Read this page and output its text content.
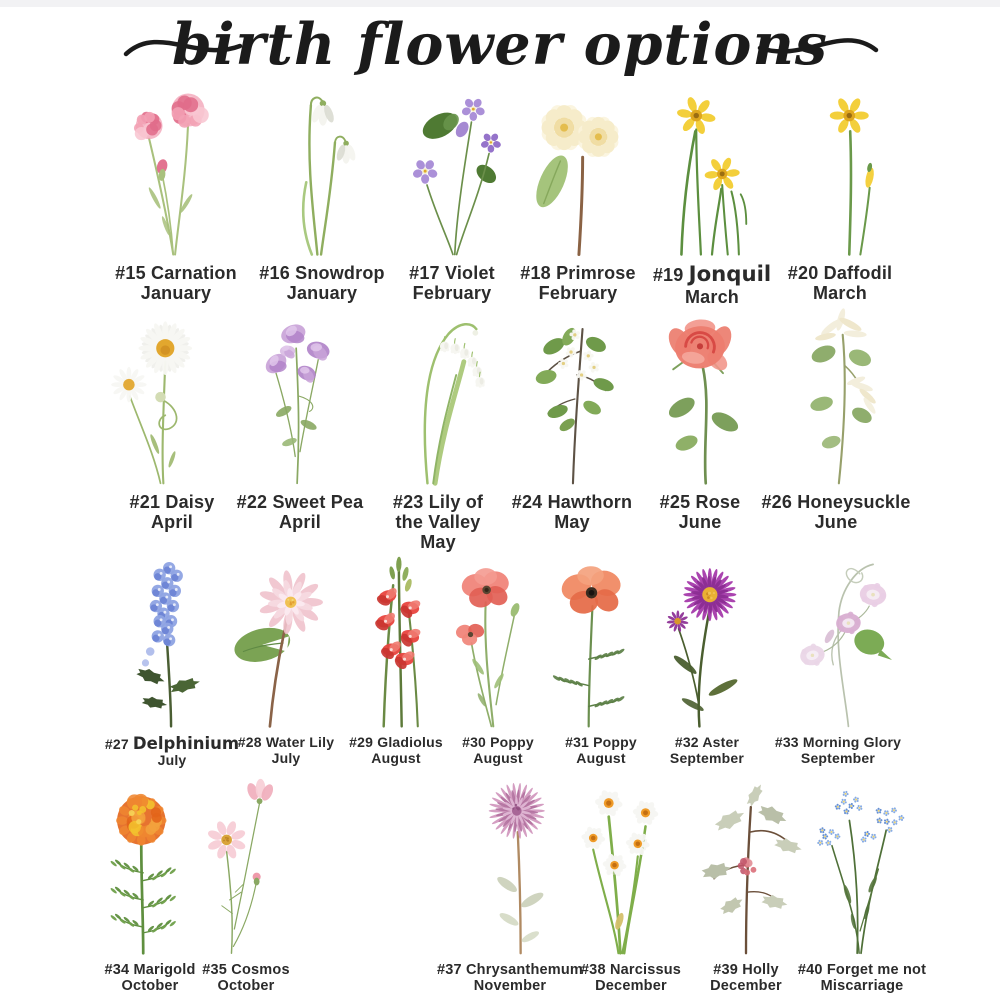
birth flower options
#15 Carnation
January
#16 Snowdrop
January
#17 Violet
February
#18 Primrose
February
#19 Jonquil
March
#20 Daffodil
March
#21 Daisy
April
#22 Sweet Pea
April
#23 Lily of the Valley
May
#24 Hawthorn
May
#25 Rose
June
#26 Honeysuckle
June
#27 Delphinium
July
#28 Water Lily
July
#29 Gladiolus
August
#30 Poppy
August
#31 Poppy
August
#32 Aster
September
#33 Morning Glory
September
#34 Marigold
October
#35 Cosmos
October
#37 Chrysanthemum
November
#38 Narcissus
December
#39 Holly
December
#40 Forget me not
Miscarriage
